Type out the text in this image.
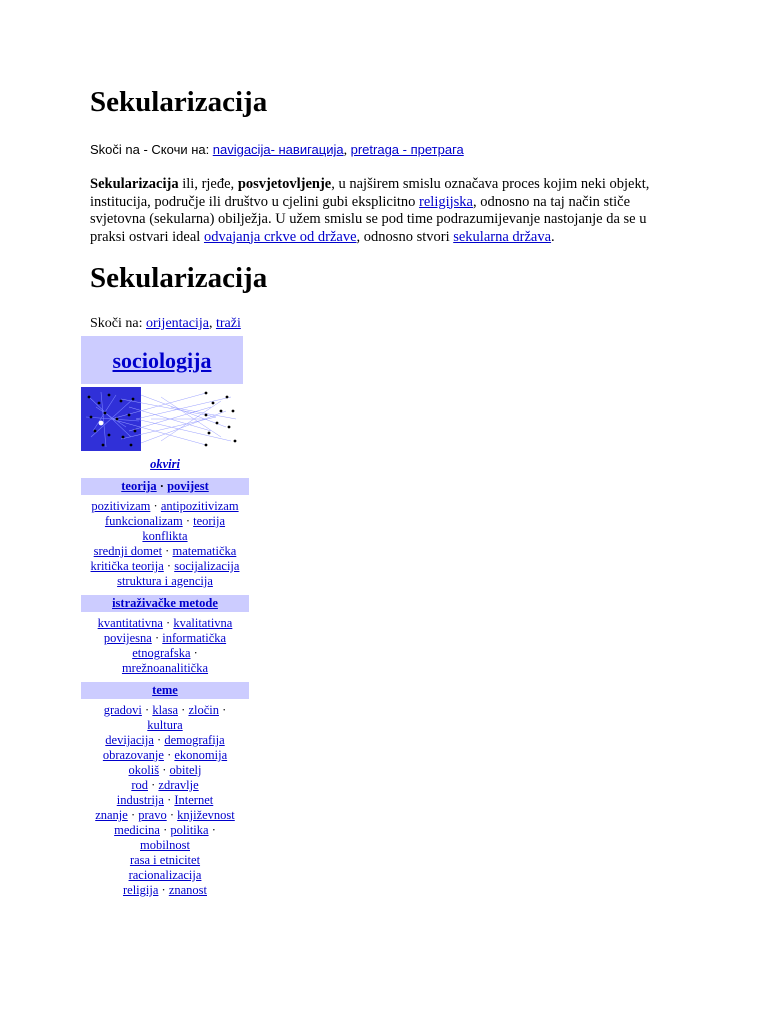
Sekularizacija

Skoči na - Скочи на: navigacija- навигација, pretraga - претрага

Sekularizacija ili, rjeđe, posvjetovljenje, u najširem smislu označava proces kojim neki objekt, institucija, područje ili društvo u cjelini gubi eksplicitno religijska, odnosno na taj način stiče svjetovna (sekularna) obilježja. U užem smislu se pod time podrazumijevanje nastojanje da se u praksi ostvari ideal odvajanja crkve od države, odnosno stvori sekularna država.

Sekularizacija

Skoči na: orijentacija, traži

sociologija
okviri
teorija · povijest
pozitivizam · antipozitivizam
funkcionalizam · teorija
konflikta
srednji domet · matematička
kritička teorija · socijalizacija
struktura i agencija
istraživačke metode
kvantitativna · kvalitativna
povijesna · informatička
etnografska ·
mrežnoanalitička
teme
gradovi · klasa · zločin ·
kultura
devijacija · demografija
obrazovanje · ekonomija
okoliš · obitelj
rod · zdravlje
industrija · Internet
znanje · pravo · književnost
medicina · politika ·
mobilnost
rasa i etnicitet
racionalizacija
religija · znanost
